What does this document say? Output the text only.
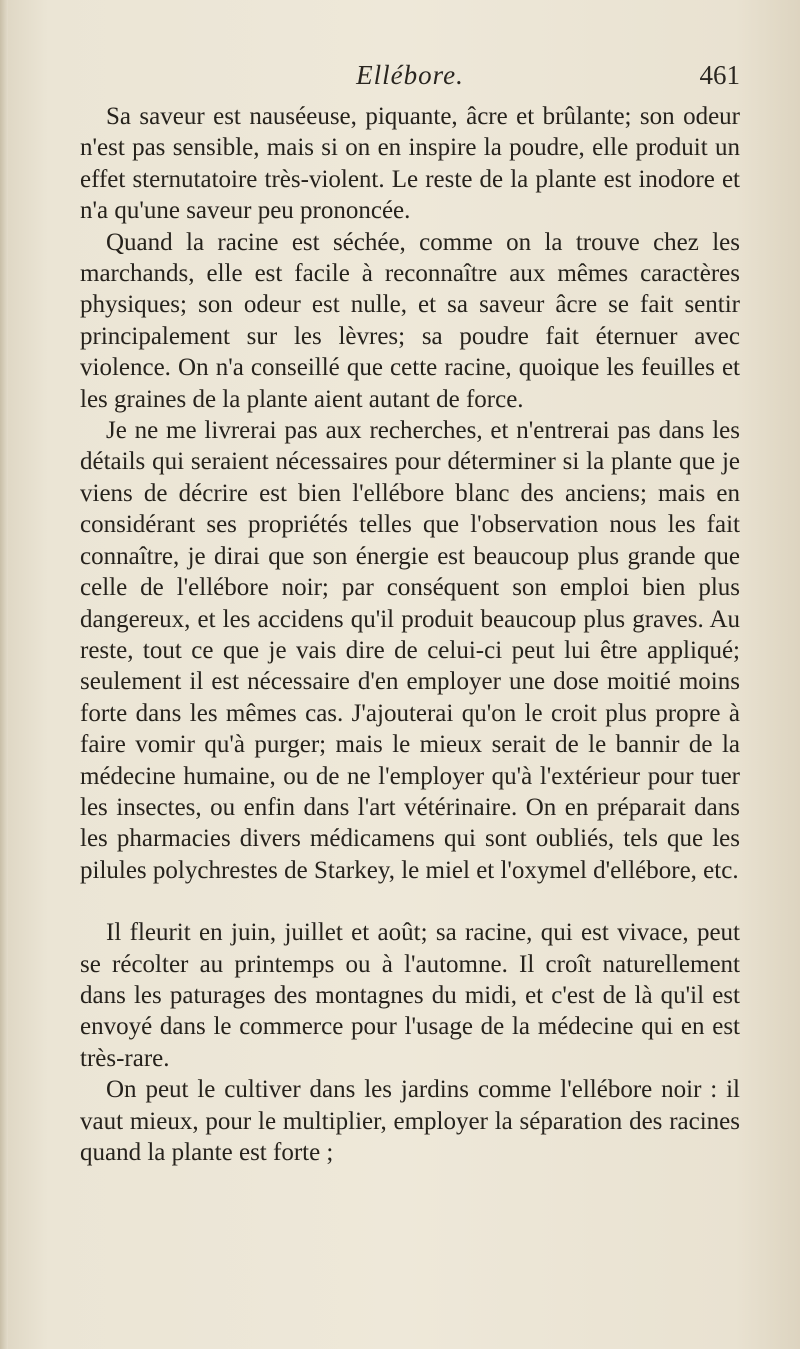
Ellébore.	461

Sa saveur est nauséeuse, piquante, âcre et brûlante; son odeur n'est pas sensible, mais si on en inspire la poudre, elle produit un effet sternutatoire très-violent. Le reste de la plante est inodore et n'a qu'une saveur peu prononcée.

Quand la racine est séchée, comme on la trouve chez les marchands, elle est facile à reconnaître aux mêmes caractères physiques; son odeur est nulle, et sa saveur âcre se fait sentir principalement sur les lèvres; sa poudre fait éternuer avec violence. On n'a conseillé que cette racine, quoique les feuilles et les graines de la plante aient autant de force.

Je ne me livrerai pas aux recherches, et n'entrerai pas dans les détails qui seraient nécessaires pour déterminer si la plante que je viens de décrire est bien l'ellébore blanc des anciens; mais en considérant ses propriétés telles que l'observation nous les fait connaître, je dirai que son énergie est beaucoup plus grande que celle de l'ellébore noir; par conséquent son emploi bien plus dangereux, et les accidens qu'il produit beaucoup plus graves. Au reste, tout ce que je vais dire de celui-ci peut lui être appliqué; seulement il est nécessaire d'en employer une dose moitié moins forte dans les mêmes cas. J'ajouterai qu'on le croit plus propre à faire vomir qu'à purger; mais le mieux serait de le bannir de la médecine humaine, ou de ne l'employer qu'à l'extérieur pour tuer les insectes, ou enfin dans l'art vétérinaire. On en préparait dans les pharmacies divers médicamens qui sont oubliés, tels que les pilules polychrestes de Starkey, le miel et l'oxymel d'ellébore, etc.

Il fleurit en juin, juillet et août; sa racine, qui est vivace, peut se récolter au printemps ou à l'automne. Il croît naturellement dans les paturages des montagnes du midi, et c'est de là qu'il est envoyé dans le commerce pour l'usage de la médecine qui en est très-rare.

On peut le cultiver dans les jardins comme l'ellébore noir : il vaut mieux, pour le multiplier, employer la séparation des racines quand la plante est forte ;
